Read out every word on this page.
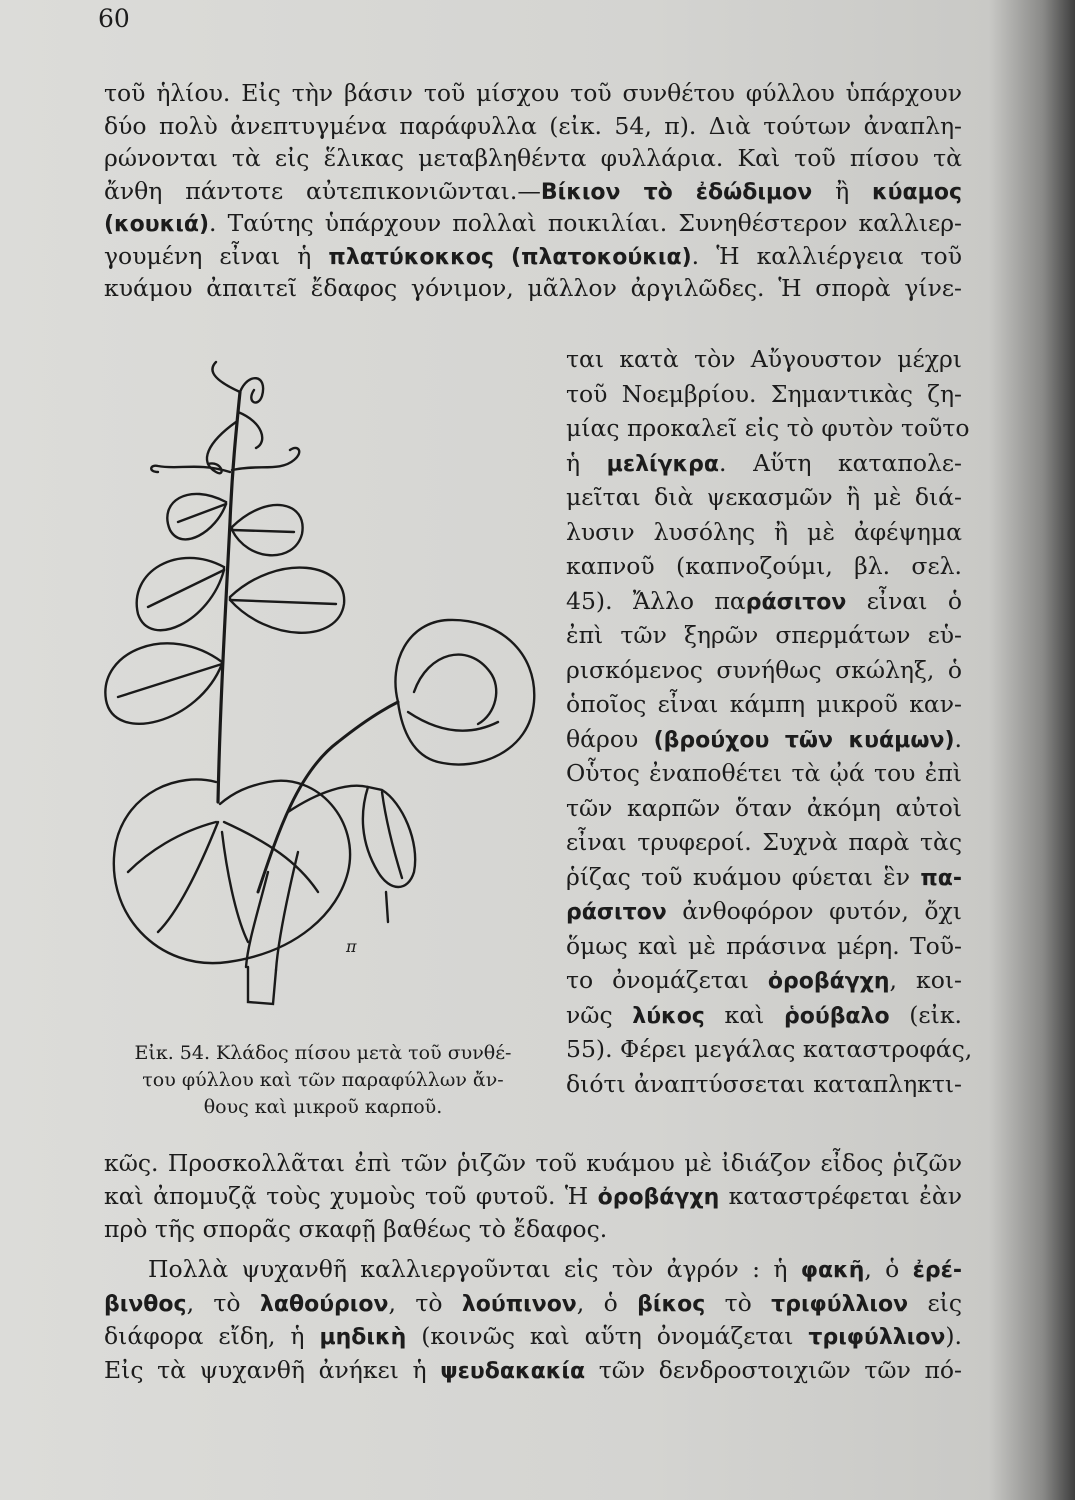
60
τοῦ ἡλίου. Εἰς τὴν βάσιν τοῦ μίσχου τοῦ συνθέτου φύλλου ὑπάρχουν
δύο πολὺ ἀνεπτυγμένα παράφυλλα (εἰκ. 54, π). Διὰ τούτων ἀναπλη-
ρώνονται τὰ εἰς ἕλικας μεταβληθέντα φυλλάρια. Καὶ τοῦ πίσου τὰ
ἄνθη πάντοτε αὐτεπικονιῶνται.—Βίκιον τὸ ἐδώδιμον ἢ κύαμος
(κουκιά). Ταύτης ὑπάρχουν πολλαὶ ποικιλίαι. Συνηθέστερον καλλιερ-
γουμένη εἶναι ἡ πλατύκοκκος (πλατοκούκια). Ἡ καλλιέργεια τοῦ
κυάμου ἀπαιτεῖ ἔδαφος γόνιμον, μᾶλλον ἀργιλῶδες. Ἡ σπορὰ γίνε-
ται κατὰ τὸν Αὔγουστον μέχρι
τοῦ Νοεμβρίου. Σημαντικὰς ζη-
μίας προκαλεῖ εἰς τὸ φυτὸν τοῦτο
ἡ μελίγκρα. Αὕτη καταπολε-
μεῖται διὰ ψεκασμῶν ἢ μὲ διά-
λυσιν λυσόλης ἢ μὲ ἀφέψημα
καπνοῦ (καπνοζούμι, βλ. σελ.
45). Ἄλλο παράσιτον εἶναι ὁ
ἐπὶ τῶν ξηρῶν σπερμάτων εὑ-
ρισκόμενος συνήθως σκώληξ, ὁ
ὁποῖος εἶναι κάμπη μικροῦ καν-
θάρου (βρούχου τῶν κυάμων).
Οὗτος ἐναποθέτει τὰ ᾠά του ἐπὶ
τῶν καρπῶν ὅταν ἀκόμη αὐτοὶ
εἶναι τρυφεροί. Συχνὰ παρὰ τὰς
ῥίζας τοῦ κυάμου φύεται ἓν πα-
ράσιτον ἀνθοφόρον φυτόν, ὄχι
ὅμως καὶ μὲ πράσινα μέρη. Τοῦ-
το ὀνομάζεται ὀροβάγχη, κοι-
νῶς λύκος καὶ ῥούβαλο (εἰκ.
55). Φέρει μεγάλας καταστροφάς,
διότι ἀναπτύσσεται καταπληκτι-
κῶς. Προσκολλᾶται ἐπὶ τῶν ῥιζῶν τοῦ κυάμου μὲ ἰδιάζον εἶδος ῥιζῶν
καὶ ἀπομυζᾷ τοὺς χυμοὺς τοῦ φυτοῦ. Ἡ ὀροβάγχη καταστρέφεται ἐὰν
πρὸ τῆς σπορᾶς σκαφῇ βαθέως τὸ ἔδαφος.
Πολλὰ ψυχανθῆ καλλιεργοῦνται εἰς τὸν ἀγρόν : ἡ φακῆ, ὁ ἐρέ-
βινθος, τὸ λαθούριον, τὸ λούπινον, ὁ βίκος τὸ τριφύλλιον εἰς
διάφορα εἴδη, ἡ μηδικὴ (κοινῶς καὶ αὕτη ὀνομάζεται τριφύλλιον).
Εἰς τὰ ψυχανθῆ ἀνήκει ἡ ψευδακακία τῶν δενδροστοιχιῶν τῶν πό-
π
Εἰκ. 54. Κλάδος πίσου μετὰ τοῦ συνθέ-
του φύλλου καὶ τῶν παραφύλλων ἄν-
θους καὶ μικροῦ καρποῦ.
